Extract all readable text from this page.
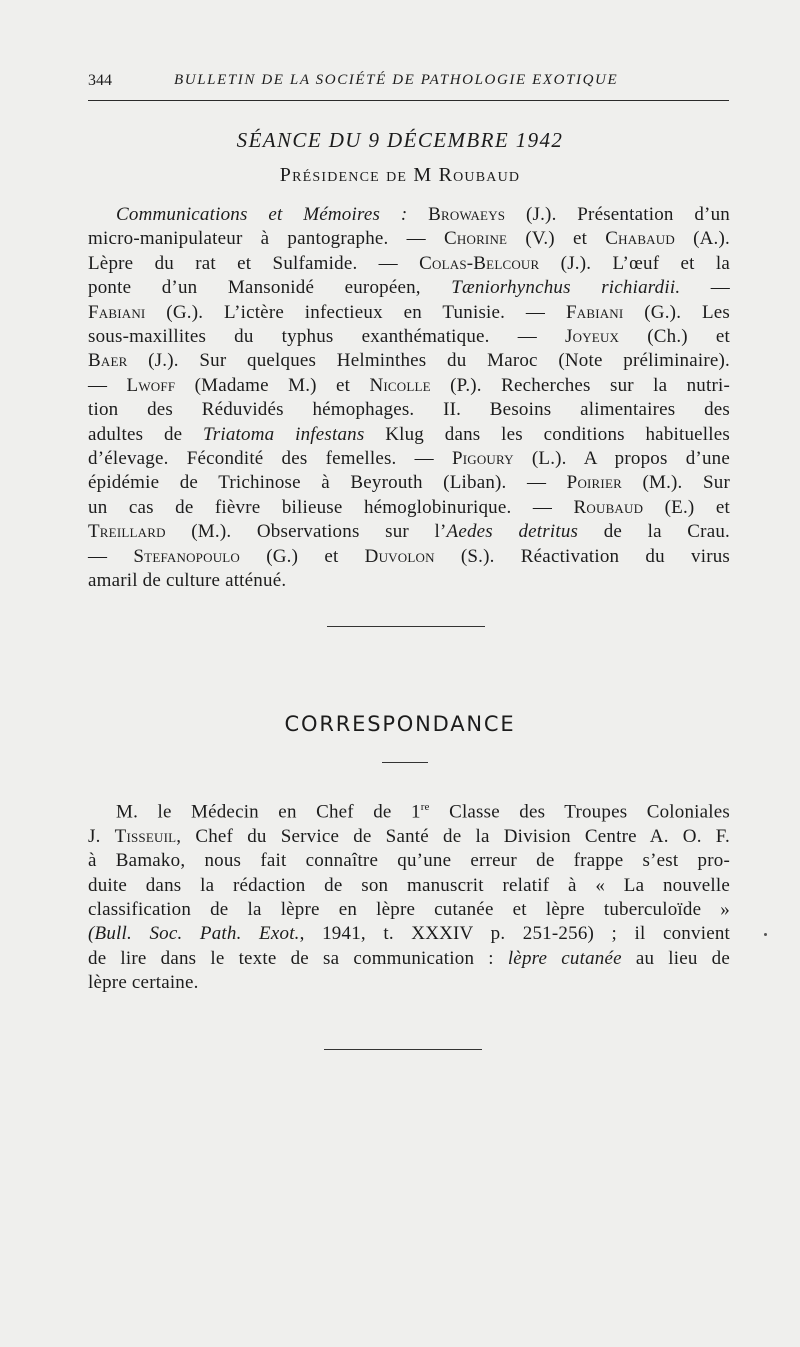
344	BULLETIN DE LA SOCIÉTÉ DE PATHOLOGIE EXOTIQUE
SÉANCE DU 9 DÉCEMBRE 1942
Présidence de M Roubaud
Communications et Mémoires : Browaeys (J.). Présentation d’un
micro-manipulateur à pantographe. — Chorine (V.) et Chabaud (A.).
Lèpre du rat et Sulfamide. — Colas-Belcour (J.). L’œuf et la
ponte d’un Mansonidé européen, Tæniorhynchus richiardii. —
Fabiani (G.). L’ictère infectieux en Tunisie. — Fabiani (G.). Les
sous-maxillites du typhus exanthématique. — Joyeux (Ch.) et
Baer (J.). Sur quelques Helminthes du Maroc (Note préliminaire).
— Lwoff (Madame M.) et Nicolle (P.). Recherches sur la nutri-
tion des Réduvidés hémophages. II. Besoins alimentaires des
adultes de Triatoma infestans Klug dans les conditions habituelles
d’élevage. Fécondité des femelles. — Pigoury (L.). A propos d’une
épidémie de Trichinose à Beyrouth (Liban). — Poirier (M.). Sur
un cas de fièvre bilieuse hémoglobinurique. — Roubaud (E.) et
Treillard (M.). Observations sur l’Aedes detritus de la Crau.
— Stefanopoulo (G.) et Duvolon (S.). Réactivation du virus
amaril de culture atténué.
CORRESPONDANCE
M. le Médecin en Chef de 1re Classe des Troupes Coloniales
J. Tisseuil, Chef du Service de Santé de la Division Centre A. O. F.
à Bamako, nous fait connaître qu’une erreur de frappe s’est pro-
duite dans la rédaction de son manuscrit relatif à « La nouvelle
classification de la lèpre en lèpre cutanée et lèpre tuberculoïde »
(Bull. Soc. Path. Exot., 1941, t. XXXIV p. 251-256) ; il convient
de lire dans le texte de sa communication : lèpre cutanée au lieu de
lèpre certaine.
